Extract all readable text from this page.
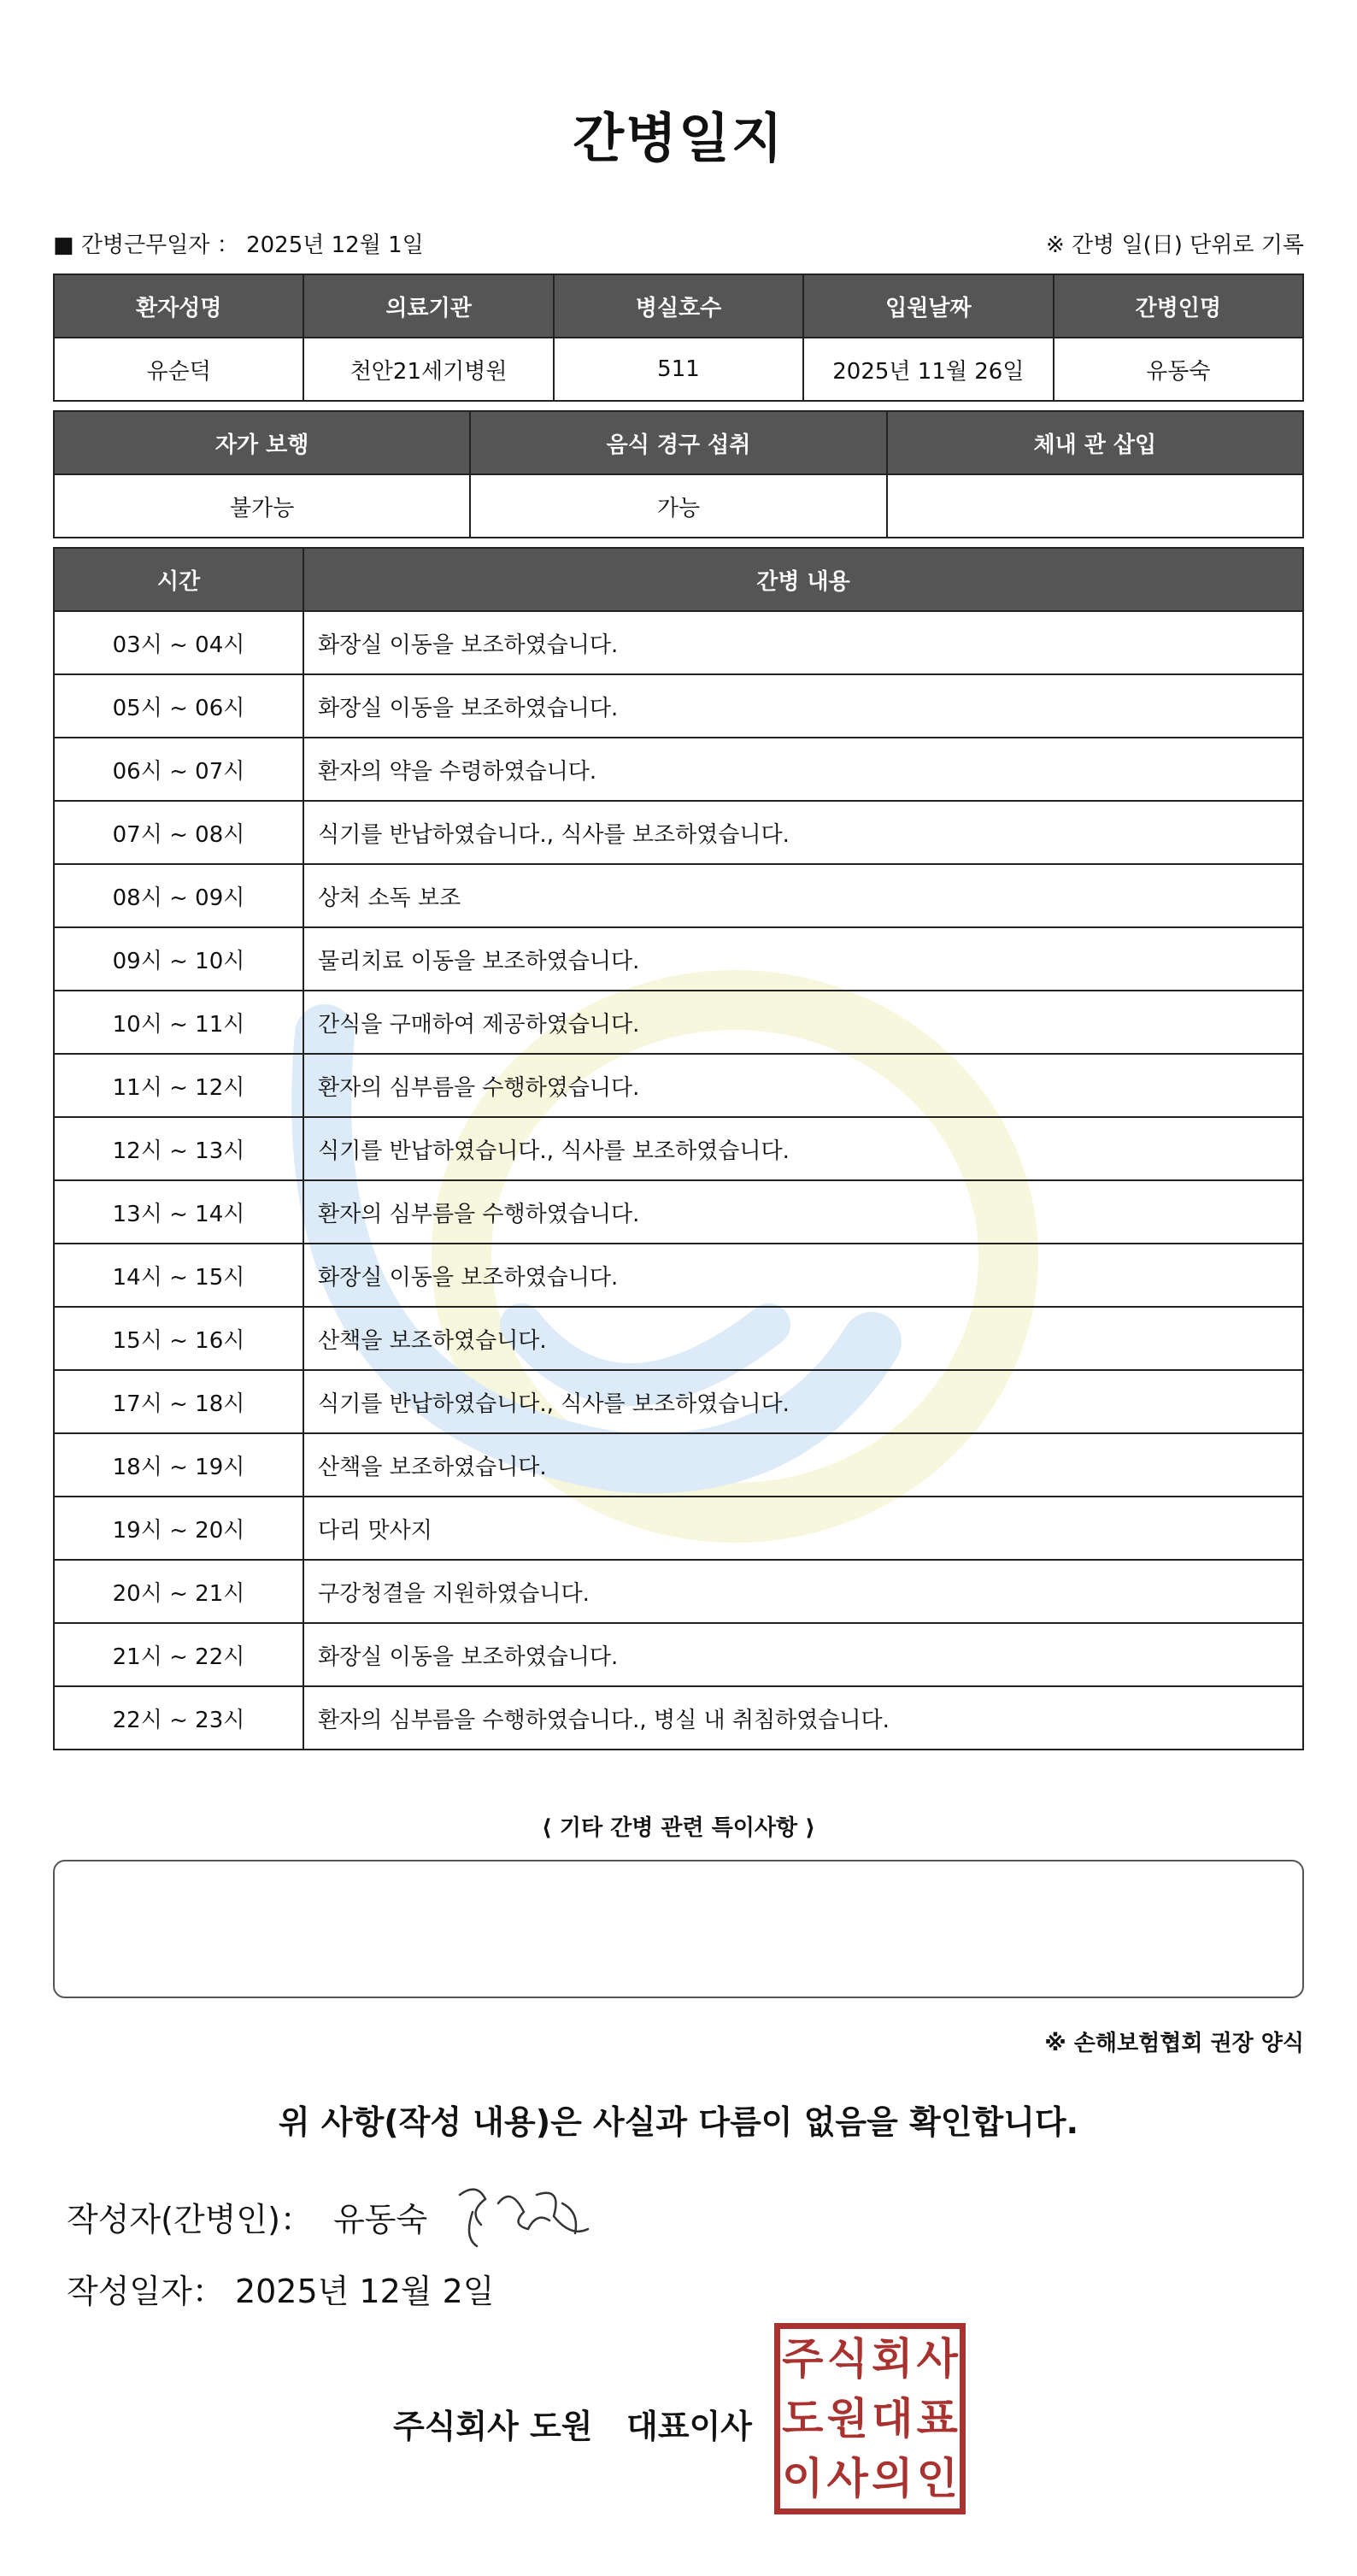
간병일지
■ 간병근무일자 ： 2025년 12월 1일	※ 간병 일(日) 단위로 기록
환자성명	의료기관	병실호수	입원날짜	간병인명
유순덕	천안21세기병원	511	2025년 11월 26일	유동숙
자가 보행	음식 경구 섭취	체내 관 삽입
불가능	가능	
시간	간병 내용
03시 ~ 04시	화장실 이동을 보조하였습니다.
05시 ~ 06시	화장실 이동을 보조하였습니다.
06시 ~ 07시	환자의 약을 수령하였습니다.
07시 ~ 08시	식기를 반납하였습니다., 식사를 보조하였습니다.
08시 ~ 09시	상처 소독 보조
09시 ~ 10시	물리치료 이동을 보조하였습니다.
10시 ~ 11시	간식을 구매하여 제공하였습니다.
11시 ~ 12시	환자의 심부름을 수행하였습니다.
12시 ~ 13시	식기를 반납하였습니다., 식사를 보조하였습니다.
13시 ~ 14시	환자의 심부름을 수행하였습니다.
14시 ~ 15시	화장실 이동을 보조하였습니다.
15시 ~ 16시	산책을 보조하였습니다.
17시 ~ 18시	식기를 반납하였습니다., 식사를 보조하였습니다.
18시 ~ 19시	산책을 보조하였습니다.
19시 ~ 20시	다리 맛사지
20시 ~ 21시	구강청결을 지원하였습니다.
21시 ~ 22시	화장실 이동을 보조하였습니다.
22시 ~ 23시	환자의 심부름을 수행하였습니다., 병실 내 취침하였습니다.
⟨ 기타 간병 관련 특이사항 ⟩
※ 손해보험협회 권장 양식
위 사항(작성 내용)은 사실과 다름이 없음을 확인합니다.
작성자(간병인)： 유동숙
작성일자： 2025년 12월 2일
주식회사 도원   대표이사
주 식 회 사
도 원 대 표
이 사 의 인
